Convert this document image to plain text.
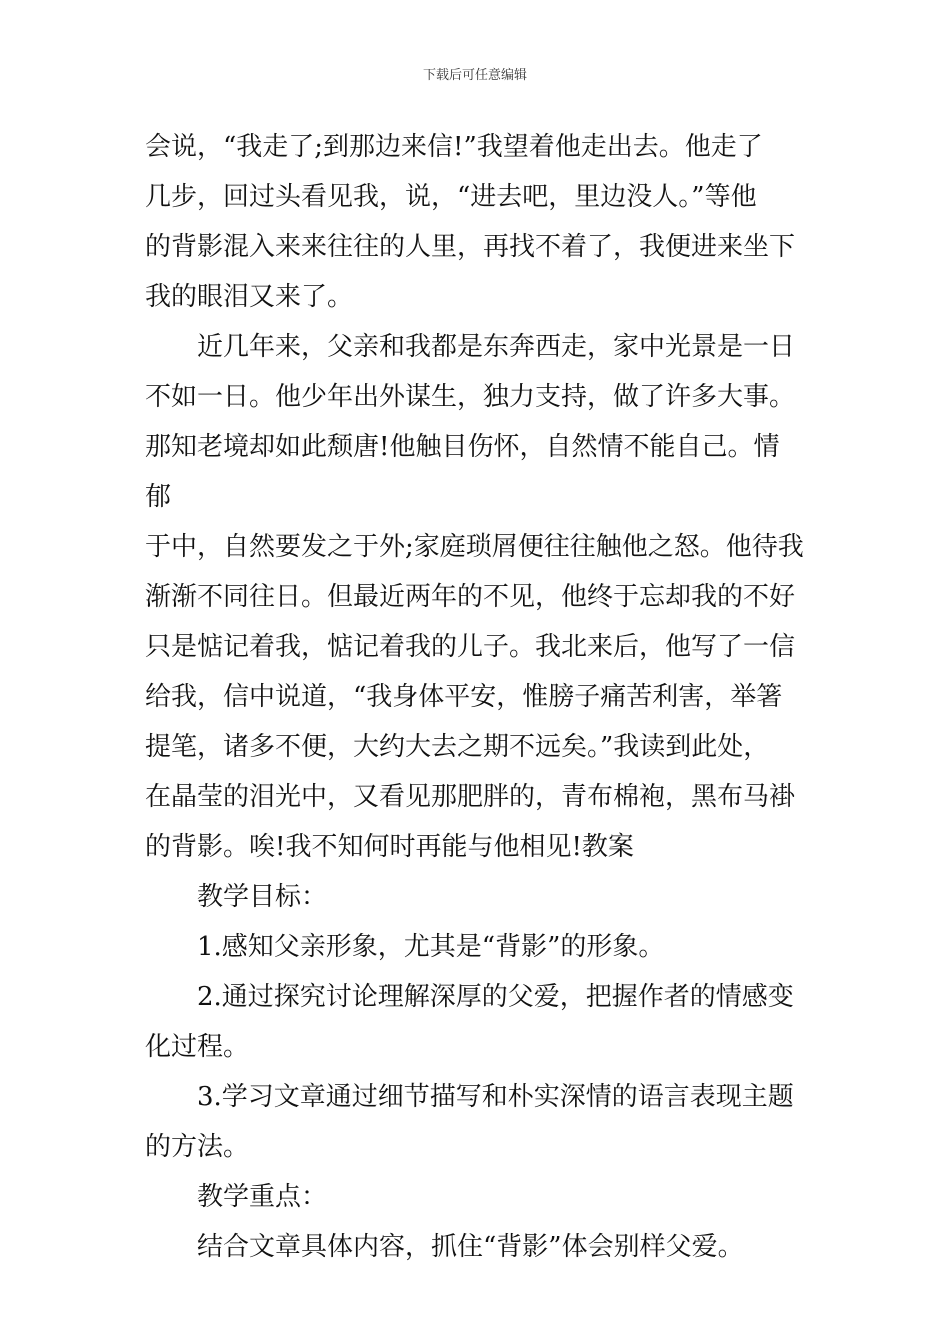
下载后可任意编辑

会说，“我走了;到那边来信!”我望着他走出去。他走了
几步，回过头看见我，说，“进去吧，里边没人。”等他
的背影混入来来往往的人里，再找不着了，我便进来坐下
我的眼泪又来了。

近几年来，父亲和我都是东奔西走，家中光景是一日
不如一日。他少年出外谋生，独力支持，做了许多大事。
那知老境却如此颓唐!他触目伤怀，自然情不能自己。情郁
于中，自然要发之于外;家庭琐屑便往往触他之怒。他待我
渐渐不同往日。但最近两年的不见，他终于忘却我的不好
只是惦记着我，惦记着我的儿子。我北来后，他写了一信
给我，信中说道，“我身体平安，惟膀子痛苦利害，举箸
提笔，诸多不便，大约大去之期不远矣。”我读到此处，
在晶莹的泪光中，又看见那肥胖的，青布棉袍，黑布马褂
的背影。唉!我不知何时再能与他相见!教案

教学目标：

1.感知父亲形象，尤其是“背影”的形象。

2.通过探究讨论理解深厚的父爱，把握作者的情感变
化过程。

3.学习文章通过细节描写和朴实深情的语言表现主题
的方法。

教学重点：

结合文章具体内容，抓住“背影”体会别样父爱。
